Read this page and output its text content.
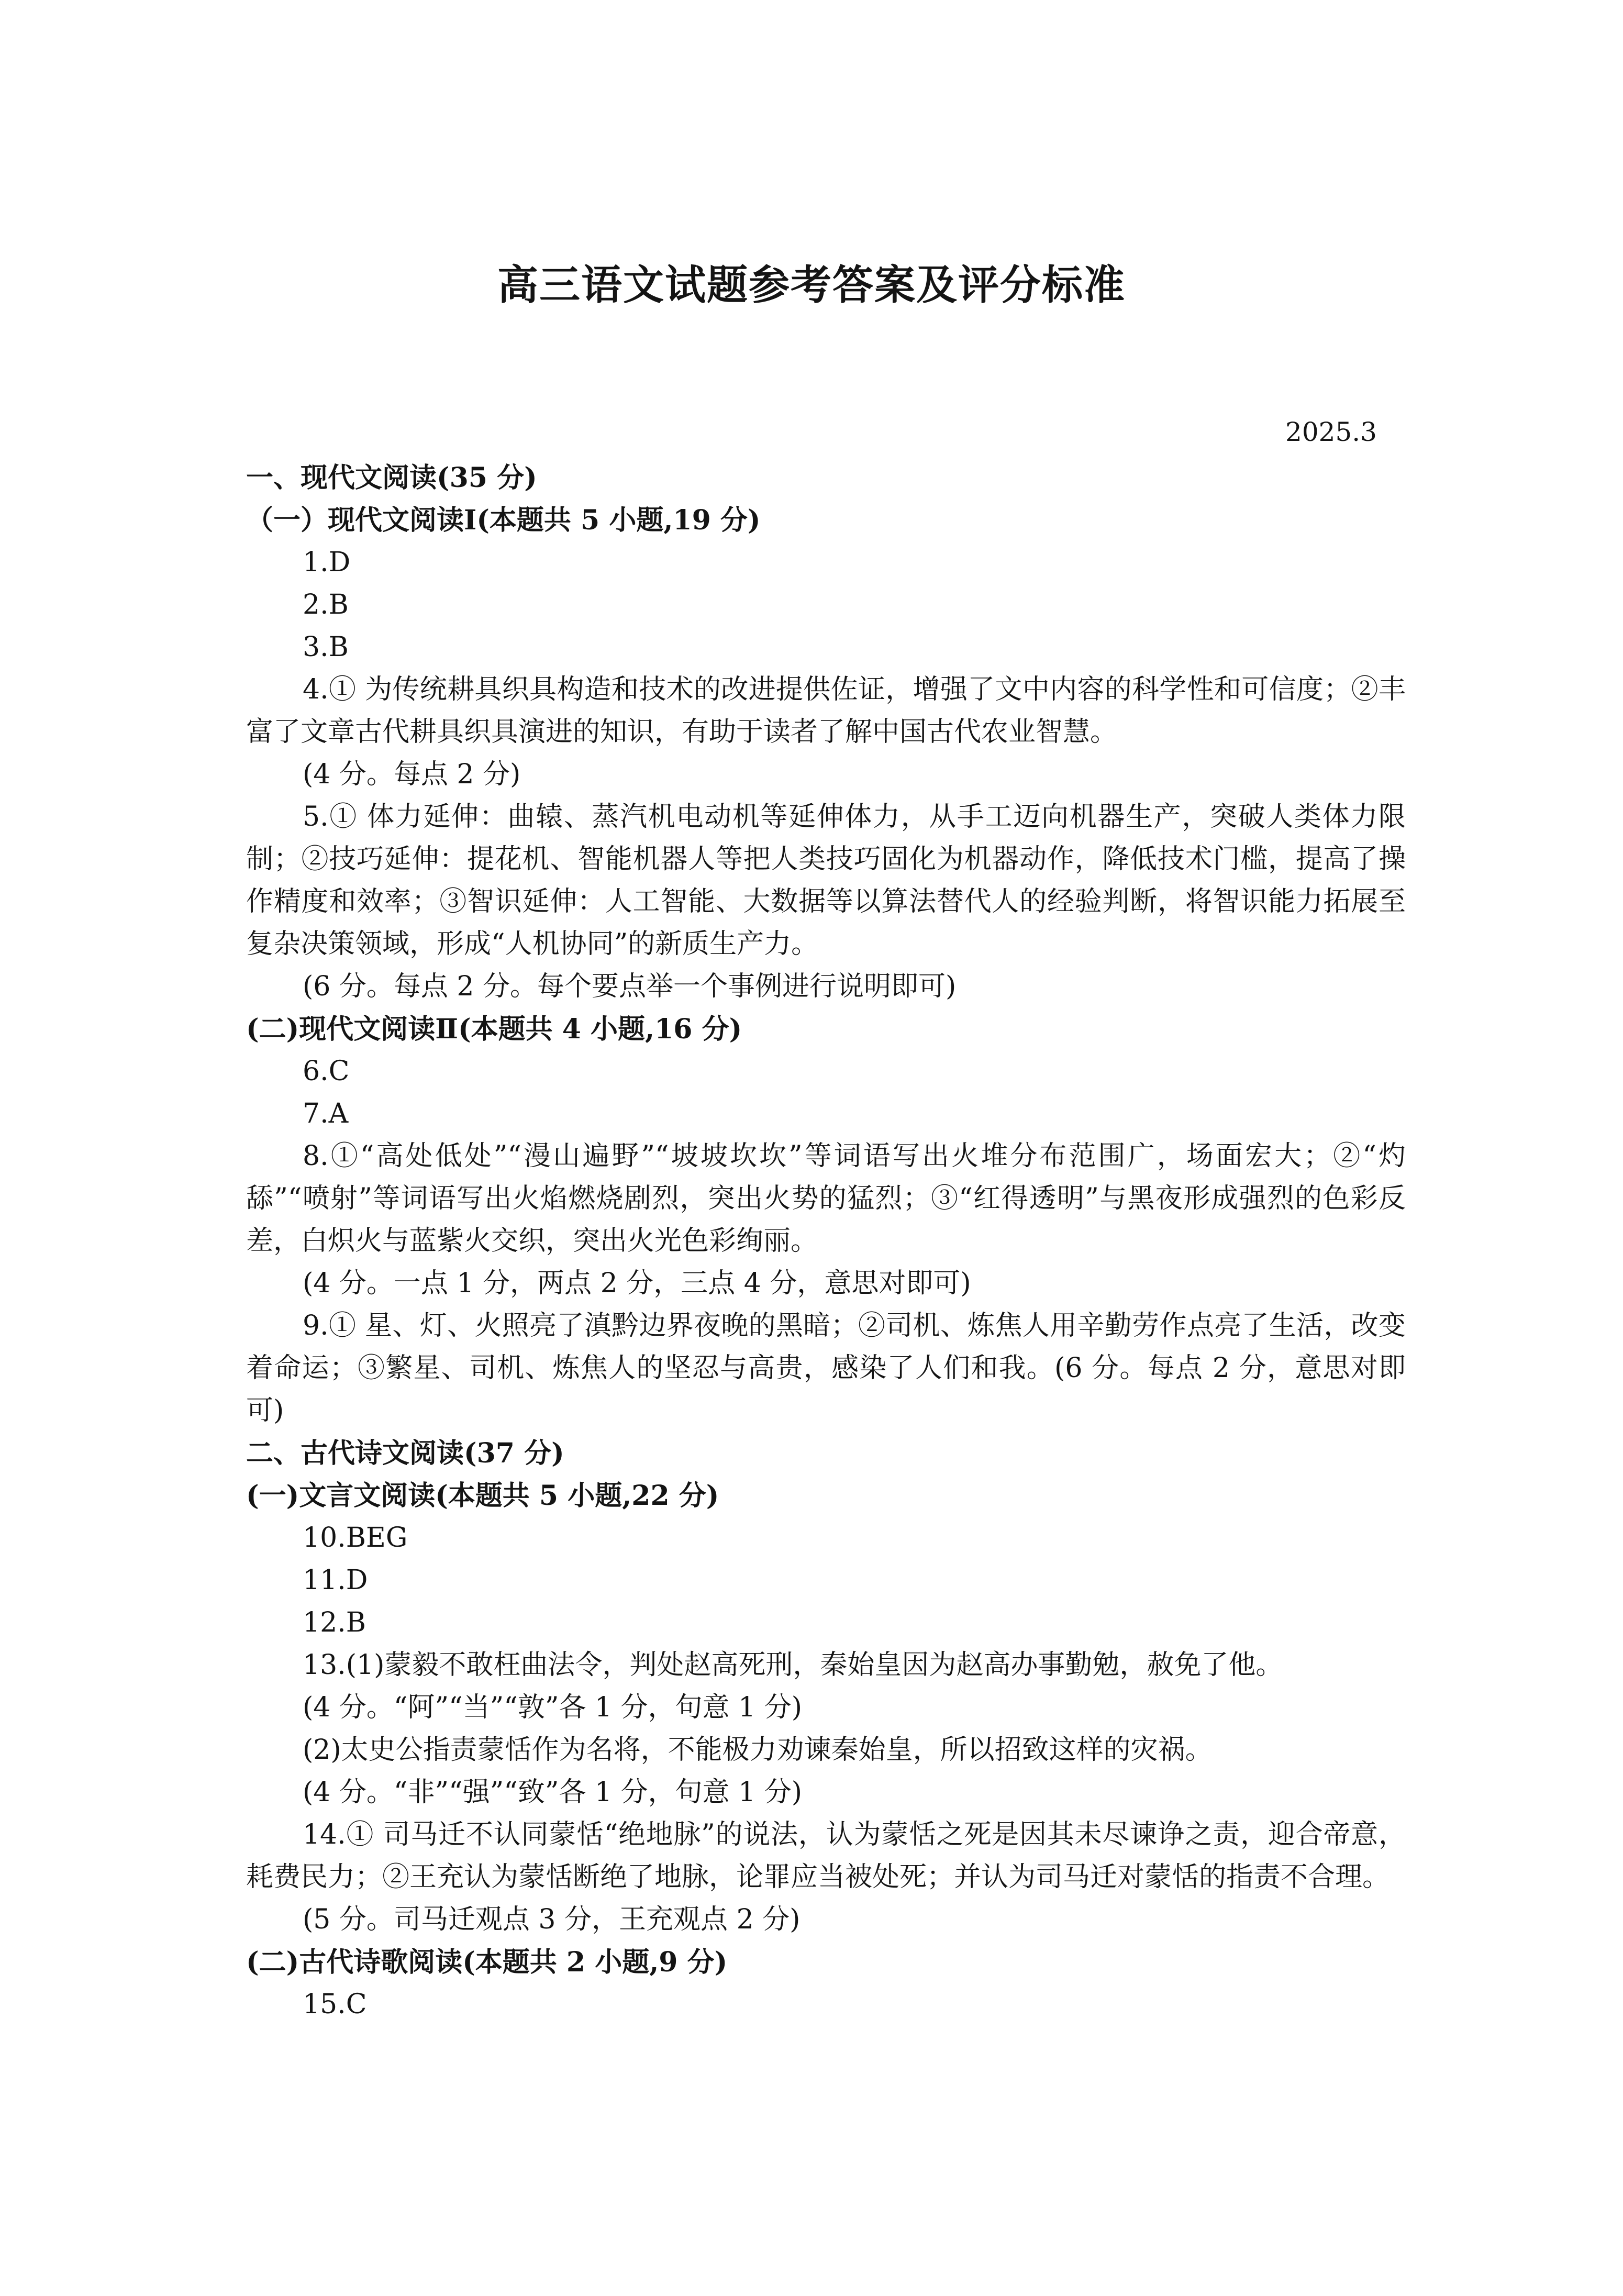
高三语文试题参考答案及评分标准
2025.3

一、现代文阅读(35 分)

（一）现代文阅读Ⅰ(本题共 5 小题,19 分)

1.D

2.B

3.B

4.① 为传统耕具织具构造和技术的改进提供佐证，增强了文中内容的科学性和可信度；②丰富了文章古代耕具织具演进的知识，有助于读者了解中国古代农业智慧。

(4 分。每点 2 分)

5.① 体力延伸：曲辕、蒸汽机电动机等延伸体力，从手工迈向机器生产，突破人类体力限制；②技巧延伸：提花机、智能机器人等把人类技巧固化为机器动作，降低技术门槛，提高了操作精度和效率；③智识延伸：人工智能、大数据等以算法替代人的经验判断，将智识能力拓展至复杂决策领域，形成“人机协同”的新质生产力。

(6 分。每点 2 分。每个要点举一个事例进行说明即可)

(二)现代文阅读Ⅱ(本题共 4 小题,16 分)

6.C

7.A

8.①“高处低处”“漫山遍野”“坡坡坎坎”等词语写出火堆分布范围广，场面宏大；②“灼舔”“喷射”等词语写出火焰燃烧剧烈，突出火势的猛烈；③“红得透明”与黑夜形成强烈的色彩反差，白炽火与蓝紫火交织，突出火光色彩绚丽。

(4 分。一点 1 分，两点 2 分，三点 4 分，意思对即可)

9.① 星、灯、火照亮了滇黔边界夜晚的黑暗；②司机、炼焦人用辛勤劳作点亮了生活，改变着命运；③繁星、司机、炼焦人的坚忍与高贵，感染了人们和我。(6 分。每点 2 分，意思对即可)

二、古代诗文阅读(37 分)

(一)文言文阅读(本题共 5 小题,22 分)

10.BEG

11.D

12.B

13.(1)蒙毅不敢枉曲法令，判处赵高死刑，秦始皇因为赵高办事勤勉，赦免了他。

(4 分。“阿”“当”“敦”各 1 分，句意 1 分)

(2)太史公指责蒙恬作为名将，不能极力劝谏秦始皇，所以招致这样的灾祸。

(4 分。“非”“强”“致”各 1 分，句意 1 分)

14.① 司马迁不认同蒙恬“绝地脉”的说法，认为蒙恬之死是因其未尽谏诤之责，迎合帝意，耗费民力；②王充认为蒙恬断绝了地脉，论罪应当被处死；并认为司马迁对蒙恬的指责不合理。

(5 分。司马迁观点 3 分，王充观点 2 分)

(二)古代诗歌阅读(本题共 2 小题,9 分)

15.C
